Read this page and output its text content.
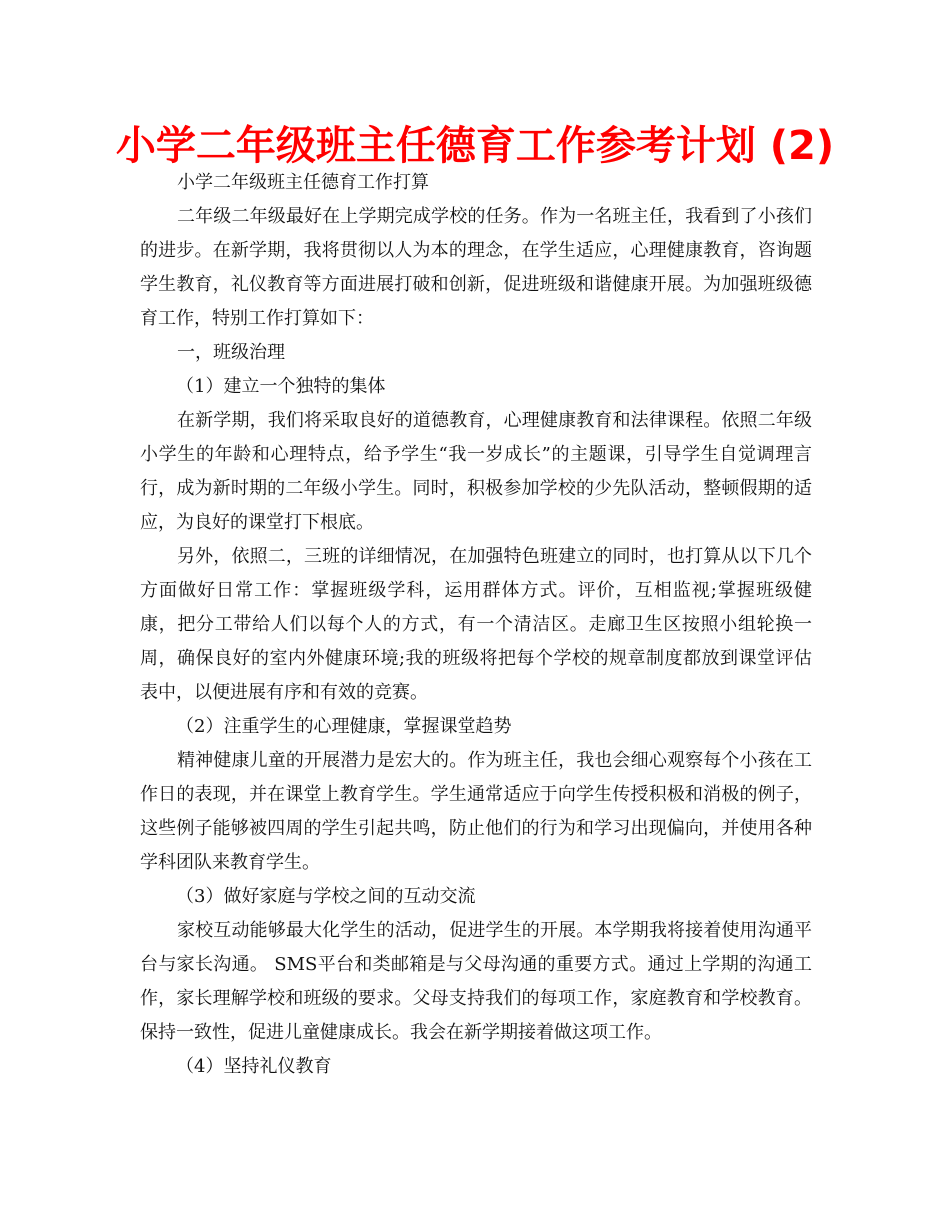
小学二年级班主任德育工作参考计划 (2)

小学二年级班主任德育工作打算

二年级二年级最好在上学期完成学校的任务。作为一名班主任，我看到了小孩们的进步。在新学期，我将贯彻以人为本的理念，在学生适应，心理健康教育，咨询题学生教育，礼仪教育等方面进展打破和创新，促进班级和谐健康开展。为加强班级德育工作，特别工作打算如下：

一，班级治理

（1）建立一个独特的集体

在新学期，我们将采取良好的道德教育，心理健康教育和法律课程。依照二年级小学生的年龄和心理特点，给予学生“我一岁成长”的主题课，引导学生自觉调理言行，成为新时期的二年级小学生。同时，积极参加学校的少先队活动，整顿假期的适应，为良好的课堂打下根底。

另外，依照二，三班的详细情况，在加强特色班建立的同时，也打算从以下几个方面做好日常工作：掌握班级学科，运用群体方式。评价，互相监视;掌握班级健康，把分工带给人们以每个人的方式，有一个清洁区。走廊卫生区按照小组轮换一周，确保良好的室内外健康环境;我的班级将把每个学校的规章制度都放到课堂评估表中，以便进展有序和有效的竞赛。

（2）注重学生的心理健康，掌握课堂趋势

精神健康儿童的开展潜力是宏大的。作为班主任，我也会细心观察每个小孩在工作日的表现，并在课堂上教育学生。学生通常适应于向学生传授积极和消极的例子，这些例子能够被四周的学生引起共鸣，防止他们的行为和学习出现偏向，并使用各种学科团队来教育学生。

（3）做好家庭与学校之间的互动交流

家校互动能够最大化学生的活动，促进学生的开展。本学期我将接着使用沟通平台与家长沟通。 SMS平台和类邮箱是与父母沟通的重要方式。通过上学期的沟通工作，家长理解学校和班级的要求。父母支持我们的每项工作，家庭教育和学校教育。保持一致性，促进儿童健康成长。我会在新学期接着做这项工作。

（4）坚持礼仪教育
